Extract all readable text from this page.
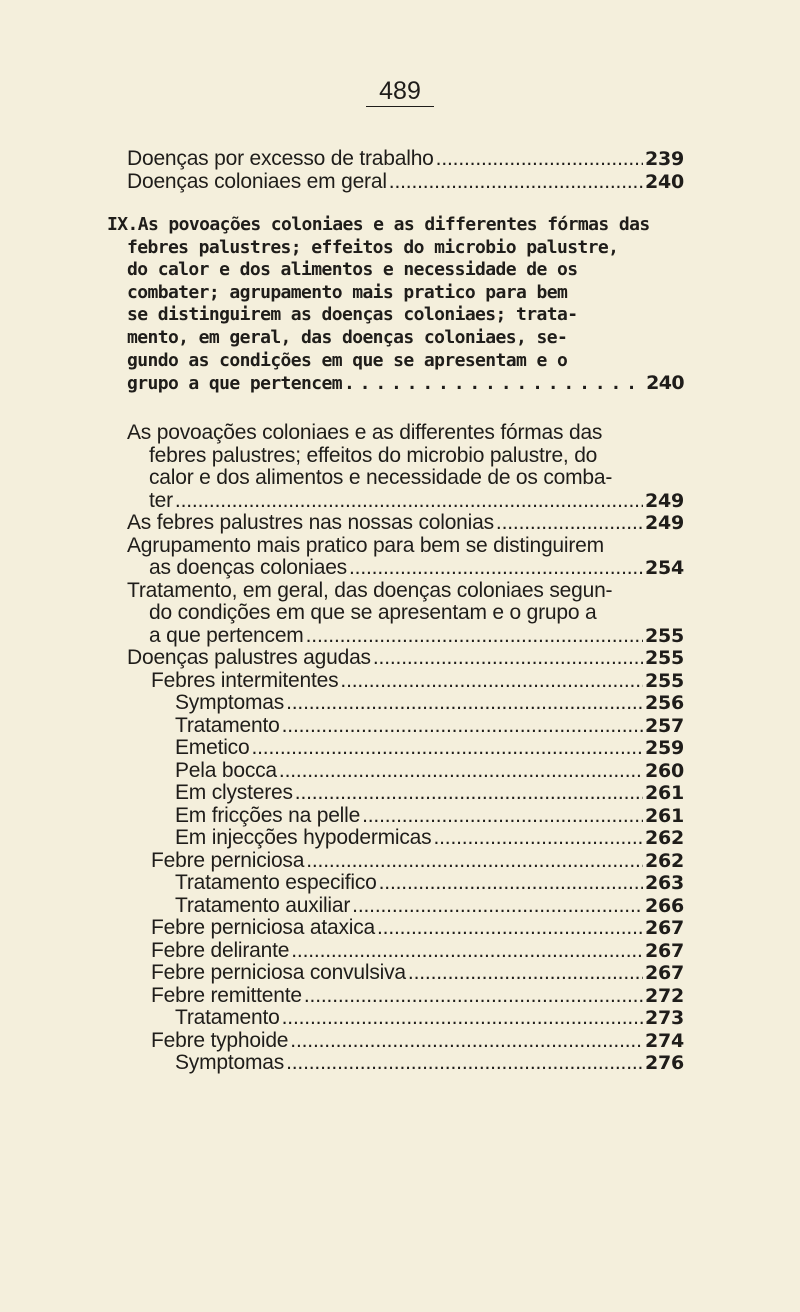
489
Doenças por excesso de trabalho . . .	239
Doenças coloniaes em geral . . .	240
IX.As povoações coloniaes e as differentes fórmas das
febres palustres; effeitos do microbio palustre,
do calor e dos alimentos e necessidade de os
combater; agrupamento mais pratico para bem
se distinguirem as doenças coloniaes; trata-
mento, em geral, das doenças coloniaes, se-
gundo as condições em que se apresentam e o
grupo a que pertencem . . .	240
As povoações coloniaes e as differentes fórmas das
febres palustres; effeitos do microbio palustre, do
calor e dos alimentos e necessidade de os comba-
ter . . .	249
As febres palustres nas nossas colonias . . .	249
Agrupamento mais pratico para bem se distinguirem
as doenças coloniaes . . .	254
Tratamento, em geral, das doenças coloniaes segun-
do condições em que se apresentam e o grupo a
a que pertencem . . .	255
Doenças palustres agudas . . .	255
Febres intermitentes . . .	255
Symptomas . . .	256
Tratamento . . .	257
Emetico . . .	259
Pela bocca . . .	260
Em clysteres . . .	261
Em fricções na pelle . . .	261
Em injecções hypodermicas . . .	262
Febre perniciosa . . .	262
Tratamento especifico . . .	263
Tratamento auxiliar . . .	266
Febre perniciosa ataxica . . .	267
Febre delirante . . .	267
Febre perniciosa convulsiva . . .	267
Febre remittente . . .	272
Tratamento . . .	273
Febre typhoide . . .	274
Symptomas . . .	276
